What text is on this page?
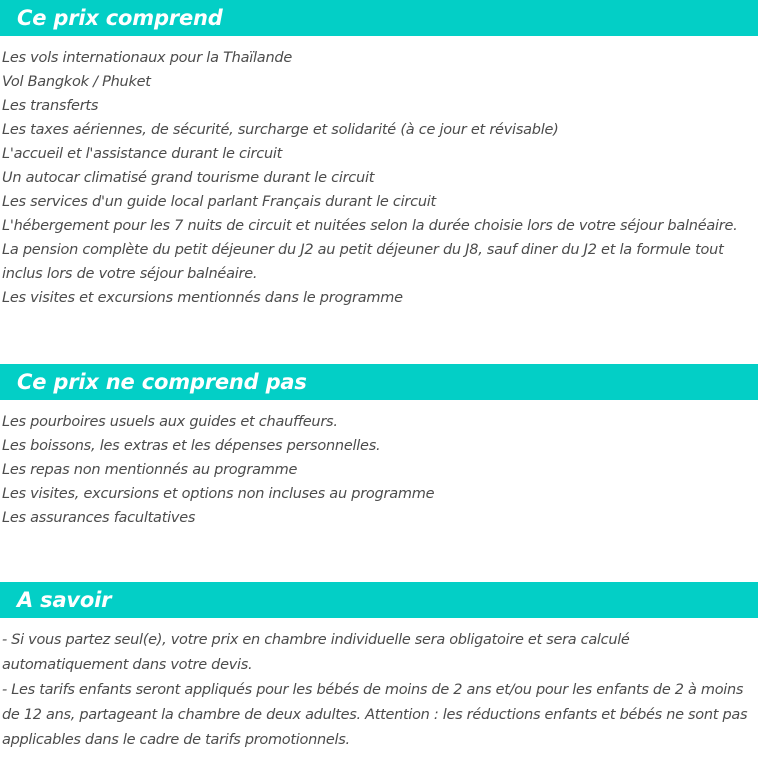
Ce prix comprend
Les vols internationaux pour la Thaïlande
Vol Bangkok / Phuket
Les transferts
Les taxes aériennes, de sécurité, surcharge et solidarité (à ce jour et révisable)
L'accueil et l'assistance durant le circuit
Un autocar climatisé grand tourisme durant le circuit
Les services d'un guide local parlant Français durant le circuit
L'hébergement pour les 7 nuits de circuit et nuitées selon la durée choisie lors de votre séjour balnéaire.
La pension complète du petit déjeuner du J2 au petit déjeuner du J8, sauf diner du J2 et la formule tout inclus lors de votre séjour balnéaire.
Les visites et excursions mentionnés dans le programme
Ce prix ne comprend pas
Les pourboires usuels aux guides et chauffeurs.
Les boissons, les extras et les dépenses personnelles.
Les repas non mentionnés au programme
Les visites, excursions et options non incluses au programme
Les assurances facultatives
A savoir

- Si vous partez seul(e), votre prix en chambre individuelle sera obligatoire et sera calculé automatiquement dans votre devis.

- Les tarifs enfants seront appliqués pour les bébés de moins de 2 ans et/ou pour les enfants de 2 à moins de 12 ans, partageant la chambre de deux adultes. Attention : les réductions enfants et bébés ne sont pas applicables dans le cadre de tarifs promotionnels.
